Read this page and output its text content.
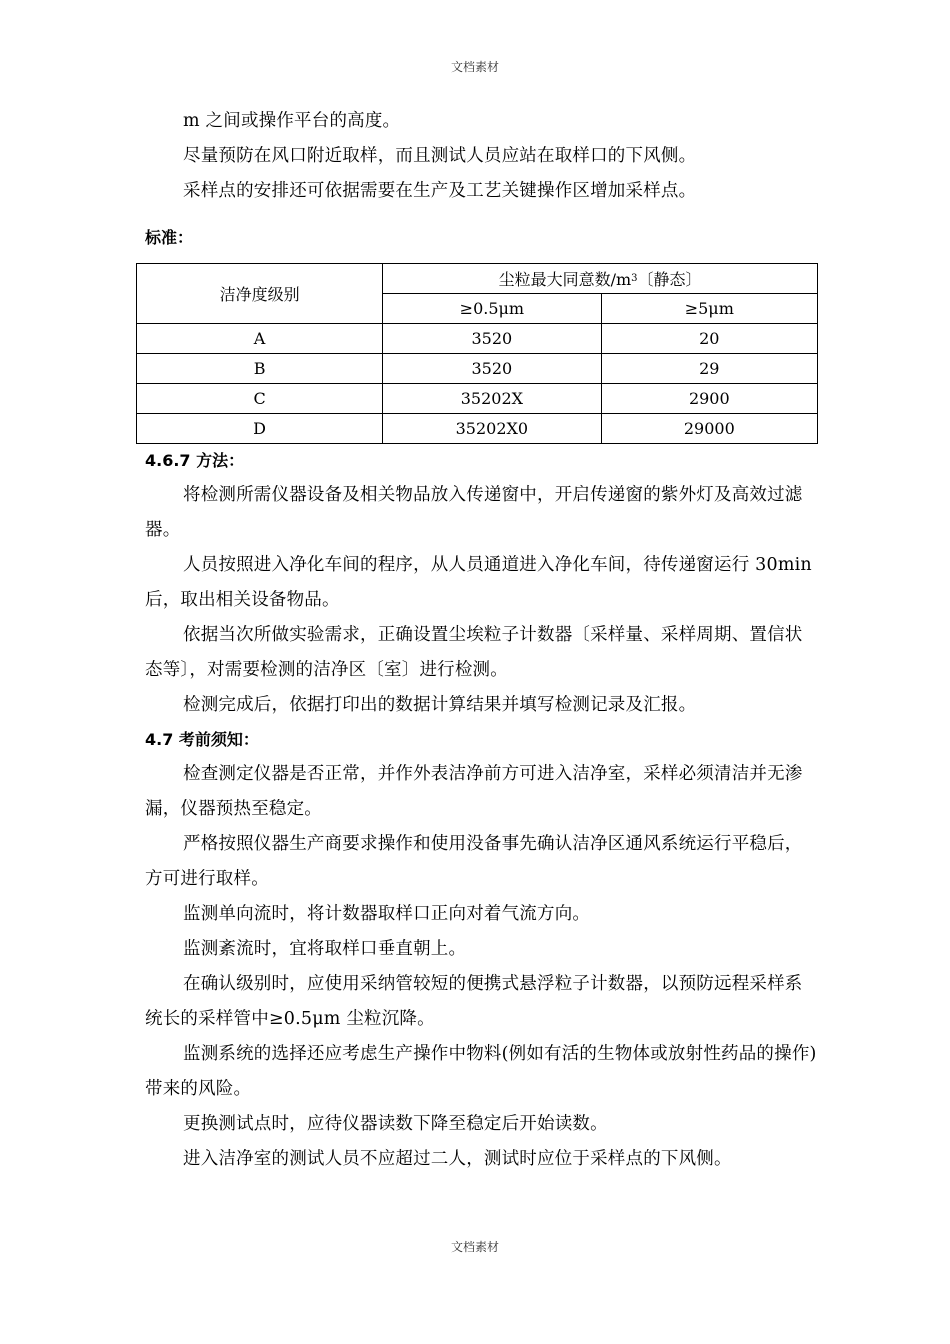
文档素材

m 之间或操作平台的高度。

尽量预防在风口附近取样，而且测试人员应站在取样口的下风侧。

采样点的安排还可依据需要在生产及工艺关键操作区增加采样点。

标准：

洁净度级别	尘粒最大同意数$/m^3$〔静态〕	
	≥0.5μm	≥5μm
A	3520	20
B	3520	29
C	35202X	2900
D	35202X0	29000

4.6.7 方法：

将检测所需仪器设备及相关物品放入传递窗中，开启传递窗的紫外灯及高效过滤器。

人员按照进入净化车间的程序，从人员通道进入净化车间，待传递窗运行 30min 后，取出相关设备物品。

依据当次所做实验需求，正确设置尘埃粒子计数器〔采样量、采样周期、置信状态等〕，对需要检测的洁净区〔室〕进行检测。

检测完成后，依据打印出的数据计算结果并填写检测记录及汇报。

4.7 考前须知：

检查测定仪器是否正常，并作外表洁净前方可进入洁净室，采样必须清洁并无渗漏，仪器预热至稳定。

严格按照仪器生产商要求操作和使用没备事先确认洁净区通风系统运行平稳后，方可进行取样。

监测单向流时，将计数器取样口正向对着气流方向。

监测紊流时，宜将取样口垂直朝上。

在确认级别时，应使用采纳管较短的便携式悬浮粒子计数器，以预防远程采样系统长的采样管中≥0.5μm 尘粒沉降。

监测系统的选择还应考虑生产操作中物料(例如有活的生物体或放射性药品的操作)带来的风险。

更换测试点时，应待仪器读数下降至稳定后开始读数。

进入洁净室的测试人员不应超过二人，测试时应位于采样点的下风侧。

文档素材
